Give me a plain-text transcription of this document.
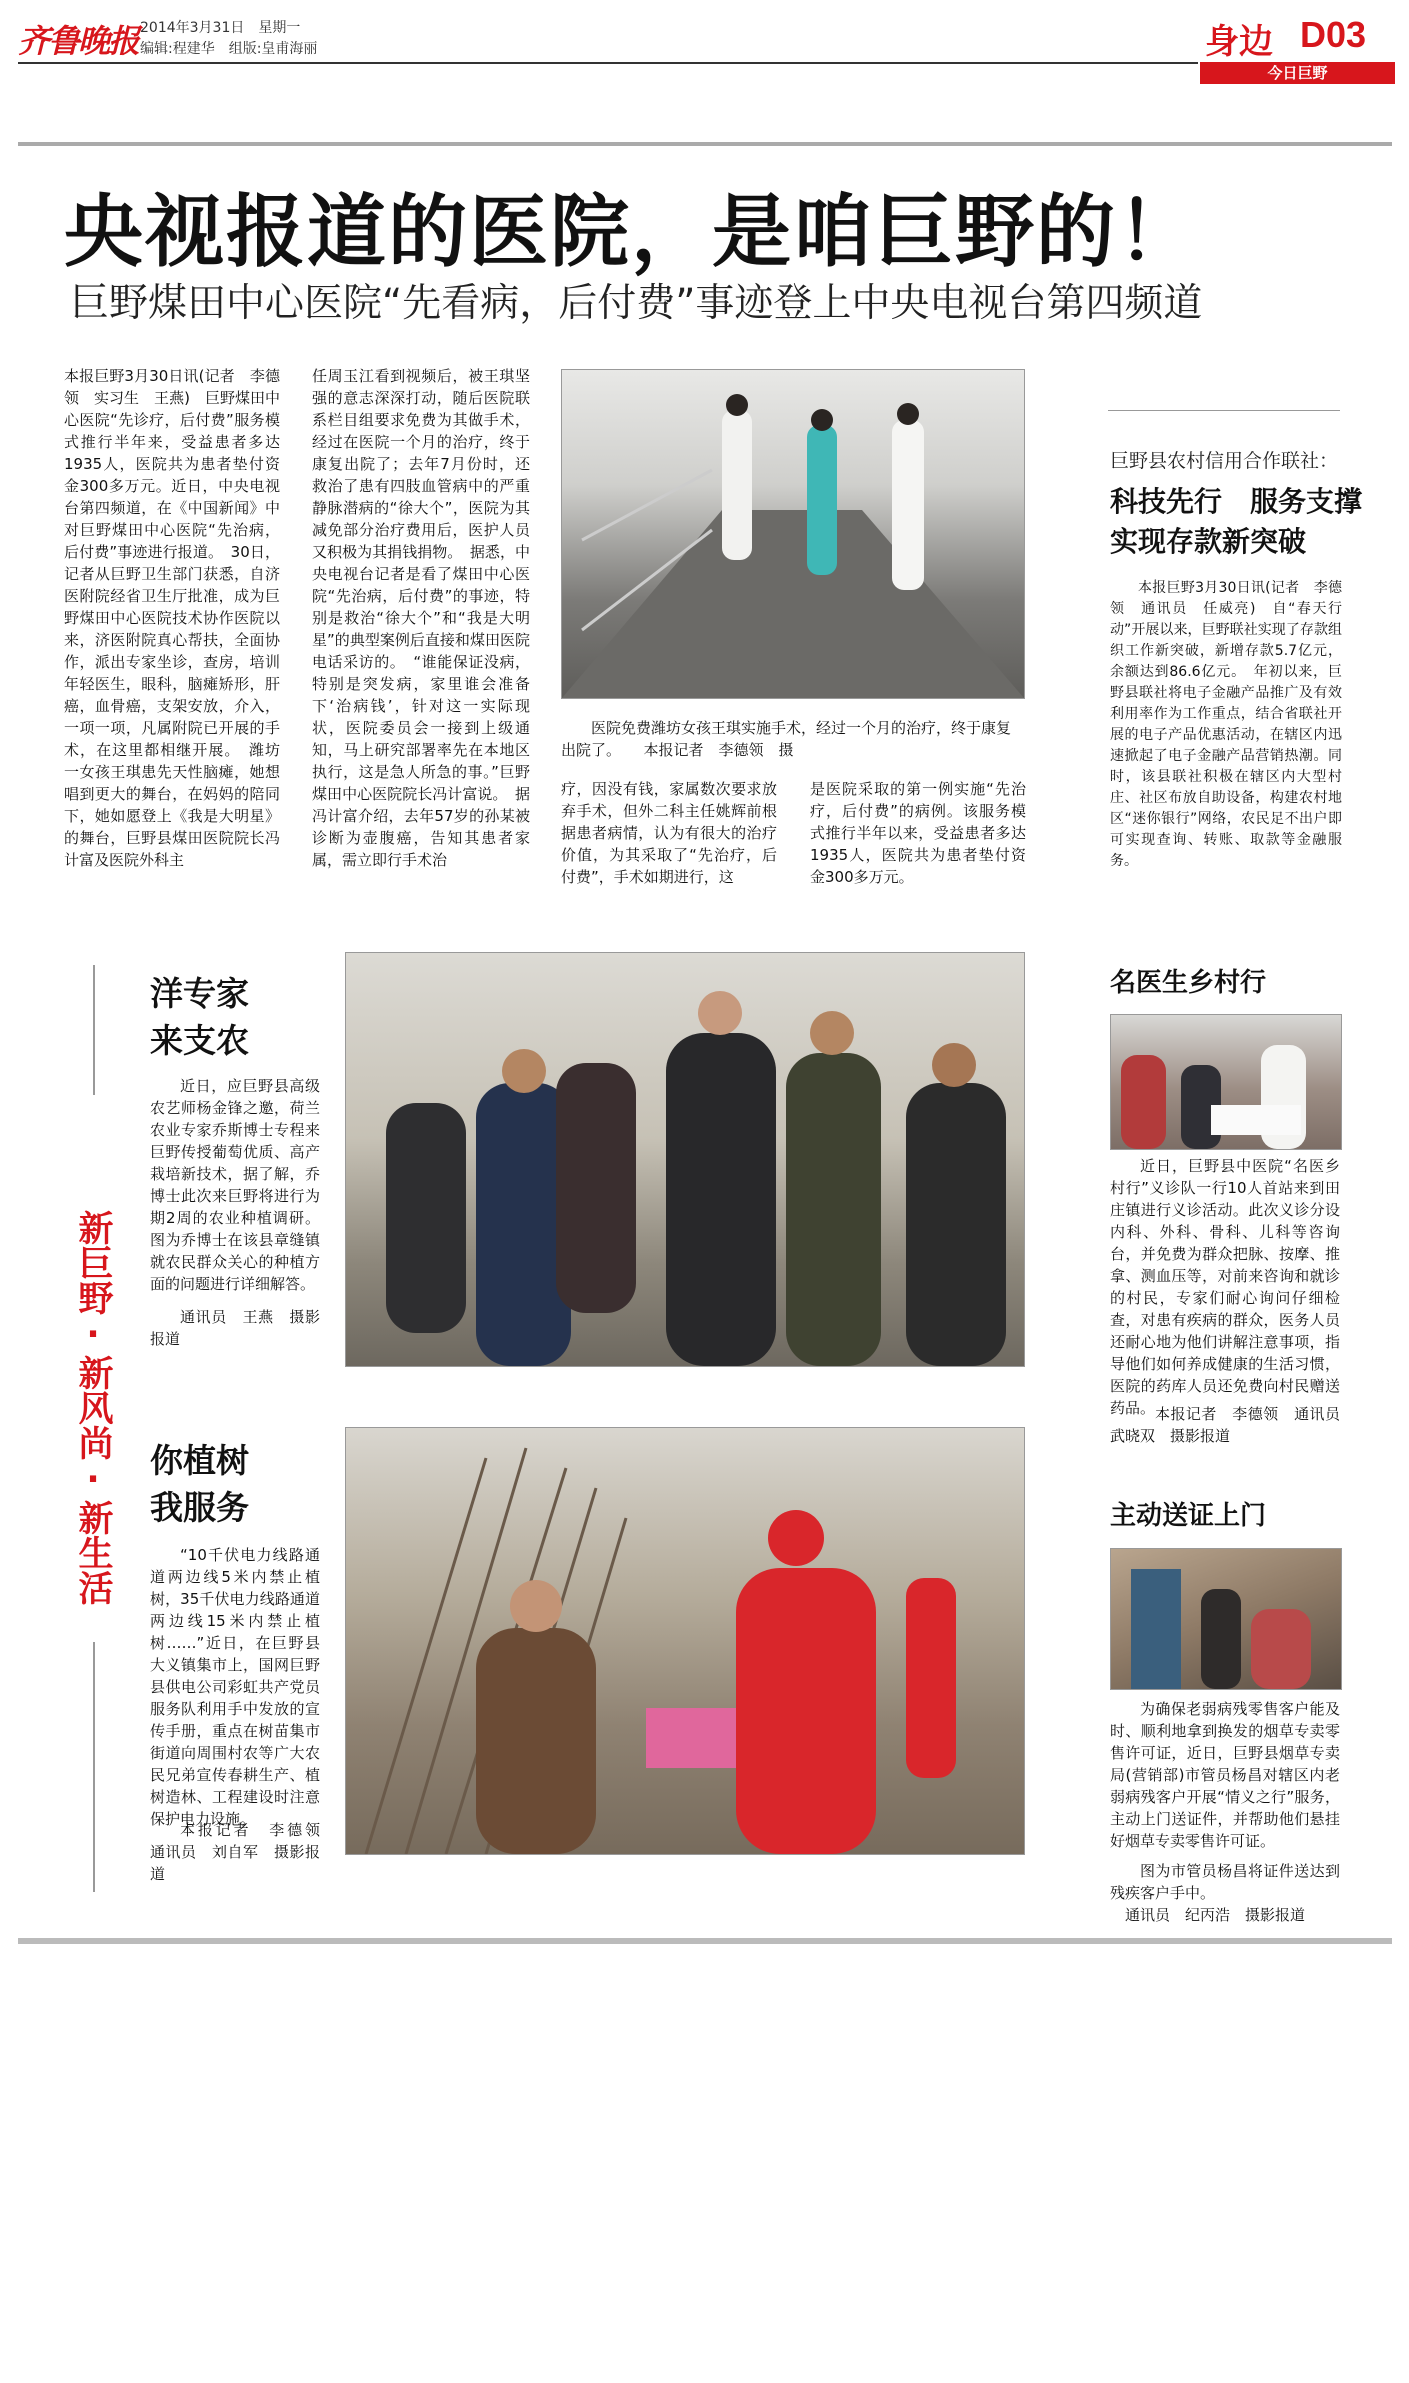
齐鲁晚报 2014年3月31日　星期一
编辑:程建华　组版:皇甫海丽	身边 D03
今日巨野
央视报道的医院，是咱巨野的！
巨野煤田中心医院“先看病，后付费”事迹登上中央电视台第四频道
本报巨野3月30日讯(记者　李德领　实习生　王燕)　巨野煤田中心医院“先诊疗，后付费”服务模式推行半年来，受益患者多达1935人，医院共为患者垫付资金300多万元。近日，中央电视台第四频道，在《中国新闻》中对巨野煤田中心医院“先治病，后付费”事迹进行报道。　30日，记者从巨野卫生部门获悉，自济医附院经省卫生厅批准，成为巨野煤田中心医院技术协作医院以来，济医附院真心帮扶，全面协作，派出专家坐诊，查房，培训年轻医生，眼科，脑瘫矫形，肝癌，血骨癌，支架安放，介入，一项一项，凡属附院已开展的手术，在这里都相继开展。　潍坊一女孩王琪患先天性脑瘫，她想唱到更大的舞台，在妈妈的陪同下，她如愿登上《我是大明星》的舞台，巨野县煤田医院院长冯计富及医院外科主
任周玉江看到视频后，被王琪坚强的意志深深打动，随后医院联系栏目组要求免费为其做手术，经过在医院一个月的治疗，终于康复出院了；去年7月份时，还救治了患有四肢血管病中的严重静脉潜病的“徐大个”，医院为其减免部分治疗费用后，医护人员又积极为其捐钱捐物。　据悉，中央电视台记者是看了煤田中心医院“先治病，后付费”的事迹，特别是救治“徐大个”和“我是大明星”的典型案例后直接和煤田医院电话采访的。　“谁能保证没病，特别是突发病，家里谁会准备下‘治病钱’，针对这一实际现状，医院委员会一接到上级通知，马上研究部署率先在本地区执行，这是急人所急的事。”巨野煤田中心医院院长冯计富说。　据冯计富介绍，去年57岁的孙某被诊断为壶腹癌，告知其患者家属，需立即行手术治
医院免费潍坊女孩王琪实施手术，经过一个月的治疗，终于康复出院了。　　本报记者　李德领　摄
疗，因没有钱，家属数次要求放弃手术，但外二科主任姚辉前根据患者病情，认为有很大的治疗价值，为其采取了“先治疗，后付费”，手术如期进行，这
是医院采取的第一例实施“先治疗，后付费”的病例。该服务模式推行半年以来，受益患者多达1935人，医院共为患者垫付资金300多万元。
巨野县农村信用合作联社：
科技先行　服务支撑
实现存款新突破
本报巨野3月30日讯(记者　李德领　通讯员　任威亮)　自“春天行动”开展以来，巨野联社实现了存款组织工作新突破，新增存款5.7亿元，余额达到86.6亿元。　年初以来，巨野县联社将电子金融产品推广及有效利用率作为工作重点，结合省联社开展的电子产品优惠活动，在辖区内迅速掀起了电子金融产品营销热潮。同时，该县联社积极在辖区内大型村庄、社区布放自助设备，构建农村地区“迷你银行”网络，农民足不出户即可实现查询、转账、取款等金融服务。
新巨野·新风尚·新生活
洋专家
来支农
近日，应巨野县高级农艺师杨金锋之邀，荷兰农业专家乔斯博士专程来巨野传授葡萄优质、高产栽培新技术，据了解，乔博士此次来巨野将进行为期2周的农业种植调研。图为乔博士在该县章缝镇就农民群众关心的种植方面的问题进行详细解答。
通讯员　王燕　摄影报道
你植树
我服务
“10千伏电力线路通道两边线5米内禁止植树，35千伏电力线路通道两边线15米内禁止植树……”近日，在巨野县大义镇集市上，国网巨野县供电公司彩虹共产党员服务队利用手中发放的宣传手册，重点在树苗集市街道向周围村农等广大农民兄弟宣传春耕生产、植树造林、工程建设时注意保护电力设施。
本报记者　李德领　通讯员　刘自军　摄影报道
名医生乡村行
近日，巨野县中医院“名医乡村行”义诊队一行10人首站来到田庄镇进行义诊活动。此次义诊分设内科、外科、骨科、儿科等咨询台，并免费为群众把脉、按摩、推拿、测血压等，对前来咨询和就诊的村民，专家们耐心询问仔细检查，对患有疾病的群众，医务人员还耐心地为他们讲解注意事项，指导他们如何养成健康的生活习惯，医院的药库人员还免费向村民赠送药品。 本报记者　李德领　通讯员　武晓双　摄影报道
主动送证上门
为确保老弱病残零售客户能及时、顺利地拿到换发的烟草专卖零售许可证，近日，巨野县烟草专卖局(营销部)市管员杨昌对辖区内老弱病残客户开展“情义之行”服务，主动上门送证件，并帮助他们悬挂好烟草专卖零售许可证。
图为市管员杨昌将证件送达到残疾客户手中。
通讯员　纪丙浩　摄影报道
